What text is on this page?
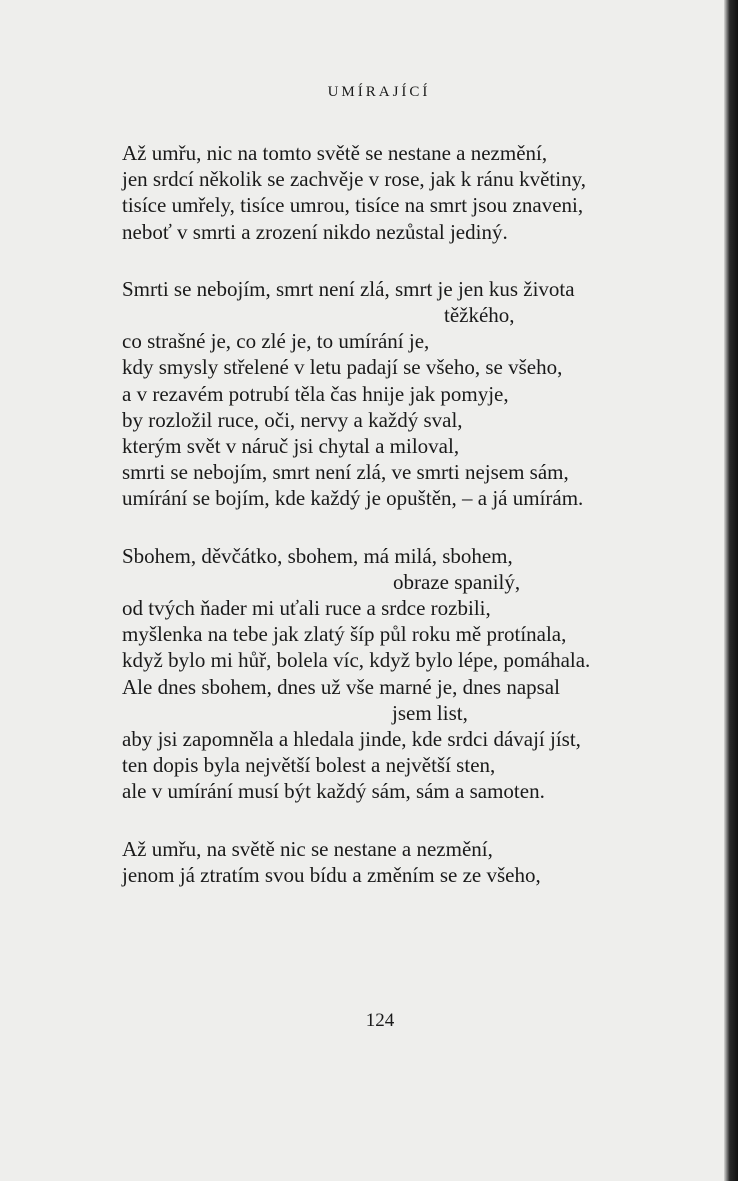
UMÍRAJÍCÍ
Až umřu, nic na tomto světě se nestane a nezmění,
jen srdcí několik se zachvěje v rose, jak k ránu květiny,
tisíce umřely, tisíce umrou, tisíce na smrt jsou znaveni,
neboť v smrti a zrození nikdo nezůstal jediný.
Smrti se nebojím, smrt není zlá, smrt je jen kus života
těžkého,
co strašné je, co zlé je, to umírání je,
kdy smysly střelené v letu padají se všeho, se všeho,
a v rezavém potrubí těla čas hnije jak pomyje,
by rozložil ruce, oči, nervy a každý sval,
kterým svět v náruč jsi chytal a miloval,
smrti se nebojím, smrt není zlá, ve smrti nejsem sám,
umírání se bojím, kde každý je opuštěn, – a já umírám.
Sbohem, děvčátko, sbohem, má milá, sbohem,
obraze spanilý,
od tvých ňader mi uťali ruce a srdce rozbili,
myšlenka na tebe jak zlatý šíp půl roku mě protínala,
když bylo mi hůř, bolela víc, když bylo lépe, pomáhala.
Ale dnes sbohem, dnes už vše marné je, dnes napsal
jsem list,
aby jsi zapomněla a hledala jinde, kde srdci dávají jíst,
ten dopis byla největší bolest a největší sten,
ale v umírání musí být každý sám, sám a samoten.
Až umřu, na světě nic se nestane a nezmění,
jenom já ztratím svou bídu a změním se ze všeho,
124
